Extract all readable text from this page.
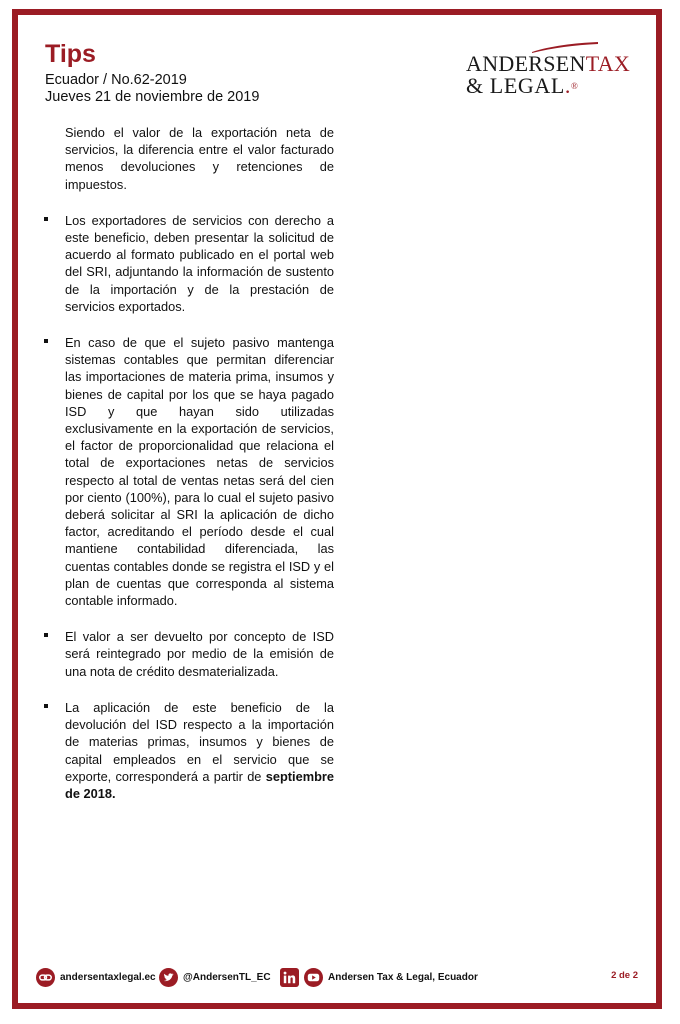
Tips

Ecuador / No.62-2019

Jueves 21 de noviembre de 2019

ANDERSENTAX
& LEGAL.®

Siendo el valor de la exportación neta de servicios, la diferencia entre el valor facturado menos devoluciones y retenciones de impuestos.

Los exportadores de servicios con derecho a este beneficio, deben presentar la solicitud de acuerdo al formato publicado en el portal web del SRI, adjuntando la información de sustento de la importación y de la prestación de servicios exportados.

En caso de que el sujeto pasivo mantenga sistemas contables que permitan diferenciar las importaciones de materia prima, insumos y bienes de capital por los que se haya pagado ISD y que hayan sido utilizadas exclusivamente en la exportación de servicios, el factor de proporcionalidad que relaciona el total de exportaciones netas de servicios respecto al total de ventas netas será del cien por ciento (100%), para lo cual el sujeto pasivo deberá solicitar al SRI la aplicación de dicho factor, acreditando el período desde el cual mantiene contabilidad diferenciada, las cuentas contables donde se registra el ISD y el plan de cuentas que corresponda al sistema contable informado.

El valor a ser devuelto por concepto de ISD será reintegrado por medio de la emisión de una nota de crédito desmaterializada.

La aplicación de este beneficio de la devolución del ISD respecto a la importación de materias primas, insumos y bienes de capital empleados en el servicio que se exporte, corresponderá a partir de septiembre de 2018.

andersentaxlegal.ec	@AndersenTL_EC	Andersen Tax & Legal, Ecuador	2 de 2
